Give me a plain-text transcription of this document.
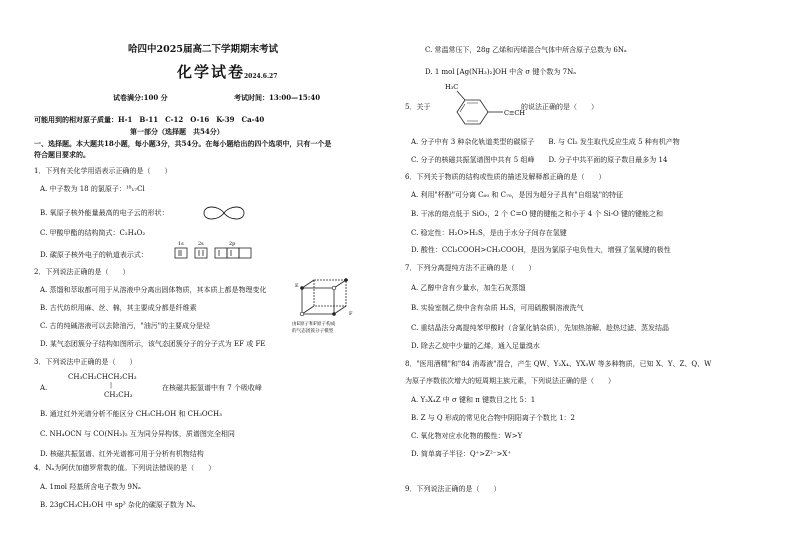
哈四中2025届高二下学期期末考试
化学试卷
2024.6.27
试卷满分:100 分	考试时间：13:00—15:40
可能用到的相对原子质量：H-1　B-11　C-12　O-16　K-39　Ca-40
第一部分（选择题　共54分）
一、选择题。本大题共18小题，每小题3分，共54分。在每小题给出的四个选项中，只有一个是
符合题目要求的。
1．下列有关化学用语表示正确的是（　　）
A. 中子数为 18 的氯原子：¹⁸₁₇Cl
B. 氧原子核外能量最高的电子云的形状：
C. 甲酸甲酯的结构简式：C₂H₄O₂
D. 碳原子核外电子的轨道表示式：
1s	2s	2p
2．下列说法正确的是（　　）
A. 蒸馏和萃取都可用于从溶液中分离出固体物质，其本质上都是物理变化
B. 古代纺织用麻、丝、棉，其主要成分都是纤维素
C. 古的纯碱溶液可以去除油污，"油污"的主要成分是烃
D. 某气态团簇分子结构如图所示，该气态团簇分子的分子式为 EF 或 FE
E
F
由E原子和F原子构成
的气态团簇分子模型
3．下列说法中正确的是（　　）
A.
CH₃CH₂CHCH₂CH₃
|
CH₂CH₃
在核磁共振氢谱中有 7 个吸收峰
B. 通过红外光谱分析不能区分 CH₃CH₂OH 和 CH₃OCH₃
C. NH₄OCN 与 CO(NH₂)₂ 互为同分异构体，质谱图完全相同
D. 核磁共振氢谱、红外光谱都可用于分析有机物结构
4．Nₐ为阿伏加德罗常数的值。下列说法错误的是（　　）
A. 1mol 羟基所含电子数为 9Nₐ
B. 23gCH₃CH₂OH 中 sp³ 杂化的碳原子数为 Nₐ
C. 常温常压下，28g 乙烯和丙烯混合气体中所含原子总数为 6Nₐ
D. 1 mol [Ag(NH₃)₂]OH 中含 σ 键个数为 7Nₐ
5．关于
H₃C
C≡CH
的说法正确的是（　　）
A. 分子中有 3 种杂化轨道类型的碳原子　　B. 与 Cl₂ 发生取代反应生成 5 种有机产物
C. 分子的核磁共振氢谱图中共有 5 组峰　　D. 分子中共平面的原子数目最多为 14
6．下列关于物质的结构或性质的描述及解释都正确的是（　　）
A. 利用"杯酚"可分离 C₆₀ 和 C₇₀，是因为超分子具有"自组装"的特征
B. 干冰的熔点低于 SiO₂，2 个 C=O 键的键能之和小于 4 个 Si-O 键的键能之和
C. 稳定性：H₂O>H₂S，是由于水分子间存在氢键
D. 酸性：CCl₃COOH>CH₃COOH，是因为氯原子电负性大，增强了氢氧键的极性
7．下列分离提纯方法不正确的是（　　）
A. 乙醇中含有少量水，加生石灰蒸馏
B. 实验室制乙炔中含有杂质 H₂S，可用硫酸铜溶液洗气
C. 重结晶法分离提纯苯甲酸时（含氯化钠杂质），先加热溶解、趁热过滤、蒸发结晶
D. 除去乙烷中少量的乙烯，通入足量溴水
8．"医用酒精"和"84 消毒液"混合，产生 QW、Y₂X₄、YX₃W 等多种物质，已知 X、Y、Z、Q、W
为原子序数依次增大的短周期主族元素，下列说法正确的是（　　）
A. Y₂X₄Z 中 σ 键和 π 键数目之比 5：1
B. Z 与 Q 形成的常见化合物中阴阳离子个数比 1：2
C. 氧化物对应水化物的酸性：W>Y
D. 简单离子半径：Q⁺>Z²⁻>X⁺
9．下列说法正确的是（　　）
